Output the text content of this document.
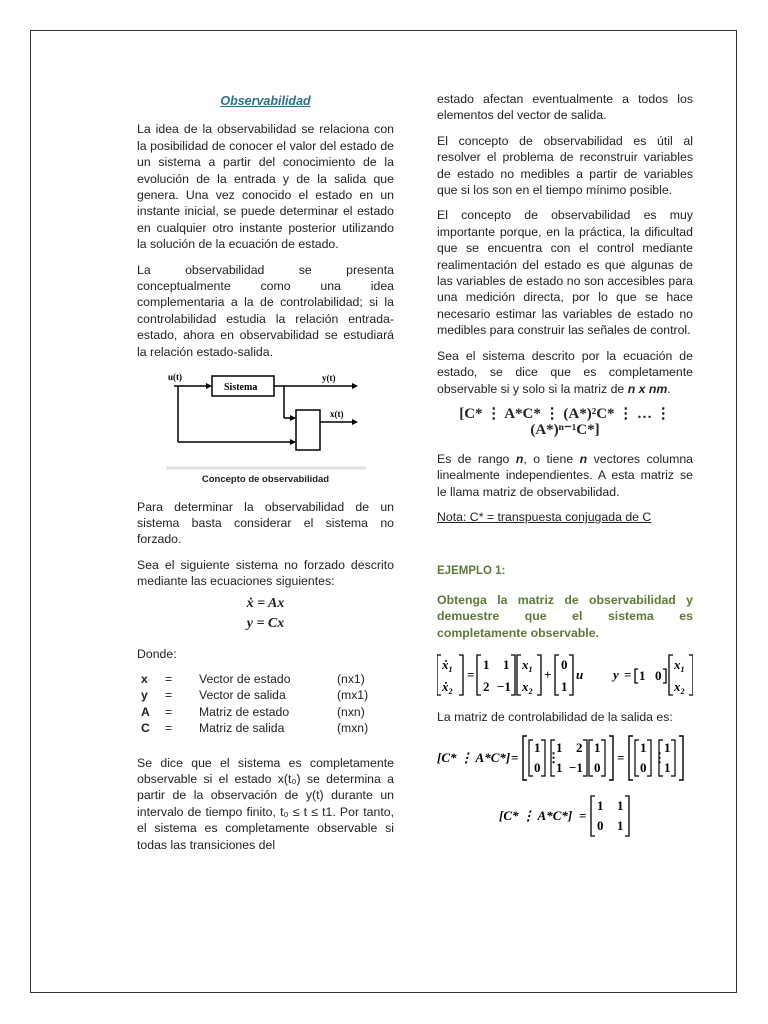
Observabilidad

La idea de la observabilidad se relaciona con la posibilidad de conocer el valor del estado de un sistema a partir del conocimiento de la evolución de la entrada y de la salida que genera. Una vez conocido el estado en un instante inicial, se puede determinar el estado en cualquier otro instante posterior utilizando la solución de la ecuación de estado.

La observabilidad se presenta conceptualmente como una idea complementaria a la de controlabilidad; si la controlabilidad estudia la relación entrada-estado, ahora en observabilidad se estudiará la relación estado-salida.

u(t)
Sistema
y(t)
x(t)
Concepto de observabilidad

Para determinar la observabilidad de un sistema basta considerar el sistema no forzado.

Sea el siguiente sistema no forzado descrito mediante las ecuaciones siguientes:

ẋ = Ax

y = Cx

Donde:

x	=	Vector de estado	(nx1)
y	=	Vector de salida	(mx1)
A	=	Matriz de estado	(nxn)
C	=	Matriz de salida	(mxn)

Se dice que el sistema es completamente observable si el estado x(t₀) se determina a partir de la observación de y(t) durante un intervalo de tiempo finito, t₀ ≤ t ≤ t1. Por tanto, el sistema es completamente observable si todas las transiciones del

estado afectan eventualmente a todos los elementos del vector de salida.

El concepto de observabilidad es útil al resolver el problema de reconstruir variables de estado no medibles a partir de variables que si los son en el tiempo mínimo posible.

El concepto de observabilidad es muy importante porque, en la práctica, la dificultad que se encuentra con el control mediante realimentación del estado es que algunas de las variables de estado no son accesibles para una medición directa, por lo que se hace necesario estimar las variables de estado no medibles para construir las señales de control.

Sea el sistema descrito por la ecuación de estado, se dice que es completamente observable si y solo si la matriz de n x nm.

[C* ⋮ A*C* ⋮ (A*)²C* ⋮ … ⋮ (A*)ⁿ⁻¹C*]

Es de rango n, o tiene n vectores columna linealmente independientes. A esta matriz se le llama matriz de observabilidad.

Nota: C* = transpuesta conjugada de C

EJEMPLO 1:

Obtenga la matriz de observabilidad y demuestre que el sistema es completamente observable.

ẋ$_1$
ẋ$_2$
=
1 1
2 −1
$x_1$
$x_2$
+
0
1
u y = 1 0
$x_1$
$x_2$

La matriz de controlabilidad de la salida es:

[C* ⋮ A*C*] =
1
0
⋮
1 2
1 −1
1
0
=
1
0
⋮
1
1
[C* ⋮ A*C*] =
1 1
0 1
